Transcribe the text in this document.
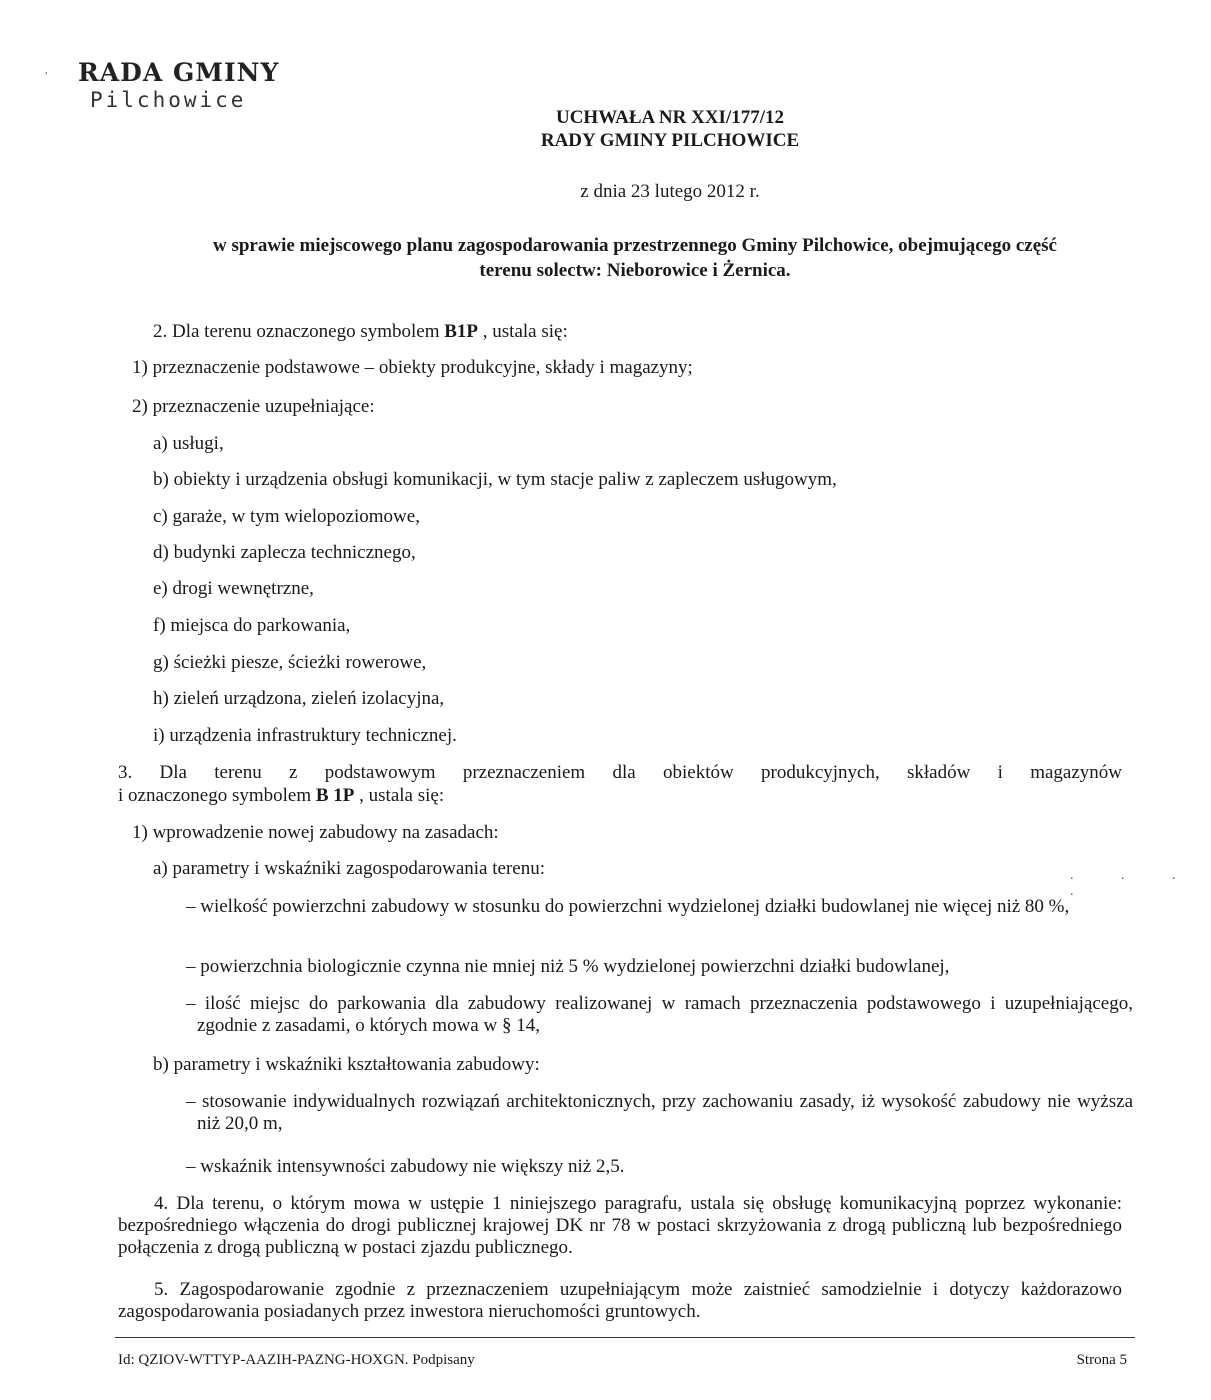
RADA GMINY
Pilchowice
˒
UCHWAŁA NR XXI/177/12
RADY GMINY PILCHOWICE
z dnia 23 lutego 2012 r.
w sprawie miejscowego planu zagospodarowania przestrzennego Gminy Pilchowice, obejmującego część
terenu solectw: Nieborowice i Żernica.
2. Dla terenu oznaczonego symbolem B1P , ustala się:
1) przeznaczenie podstawowe – obiekty produkcyjne, składy i magazyny;
2) przeznaczenie uzupełniające:
a) usługi,
b) obiekty i urządzenia obsługi komunikacji, w tym stacje paliw z zapleczem usługowym,
c) garaże, w tym wielopoziomowe,
d) budynki zaplecza technicznego,
e) drogi wewnętrzne,
f) miejsca do parkowania,
g) ścieżki piesze, ścieżki rowerowe,
h) zieleń urządzona, zieleń izolacyjna,
i) urządzenia infrastruktury technicznej.
3. Dla terenu z podstawowym przeznaczeniem dla obiektów produkcyjnych, składów i magazynów
i oznaczonego symbolem B 1P , ustala się:
1) wprowadzenie nowej zabudowy na zasadach:
a) parametry i wskaźniki zagospodarowania terenu:	. . . .
– wielkość powierzchni zabudowy w stosunku do powierzchni wydzielonej działki budowlanej nie więcej niż 80 %,
– powierzchnia biologicznie czynna nie mniej niż 5 % wydzielonej powierzchni działki budowlanej,
– ilość miejsc do parkowania dla zabudowy realizowanej w ramach przeznaczenia podstawowego i uzupełniającego, zgodnie z zasadami, o których mowa w § 14,
b) parametry i wskaźniki kształtowania zabudowy:
– stosowanie indywidualnych rozwiązań architektonicznych, przy zachowaniu zasady, iż wysokość zabudowy nie wyższa niż 20,0 m,
– wskaźnik intensywności zabudowy nie większy niż 2,5.
4. Dla terenu, o którym mowa w ustępie 1 niniejszego paragrafu, ustala się obsługę komunikacyjną poprzez wykonanie: bezpośredniego włączenia do drogi publicznej krajowej DK nr 78 w postaci skrzyżowania z drogą publiczną lub bezpośredniego połączenia z drogą publiczną w postaci zjazdu publicznego.
5. Zagospodarowanie zgodnie z przeznaczeniem uzupełniającym może zaistnieć samodzielnie i dotyczy każdorazowo zagospodarowania posiadanych przez inwestora nieruchomości gruntowych.
Id: QZIOV-WTTYP-AAZIH-PAZNG-HOXGN. Podpisany	Strona 5
